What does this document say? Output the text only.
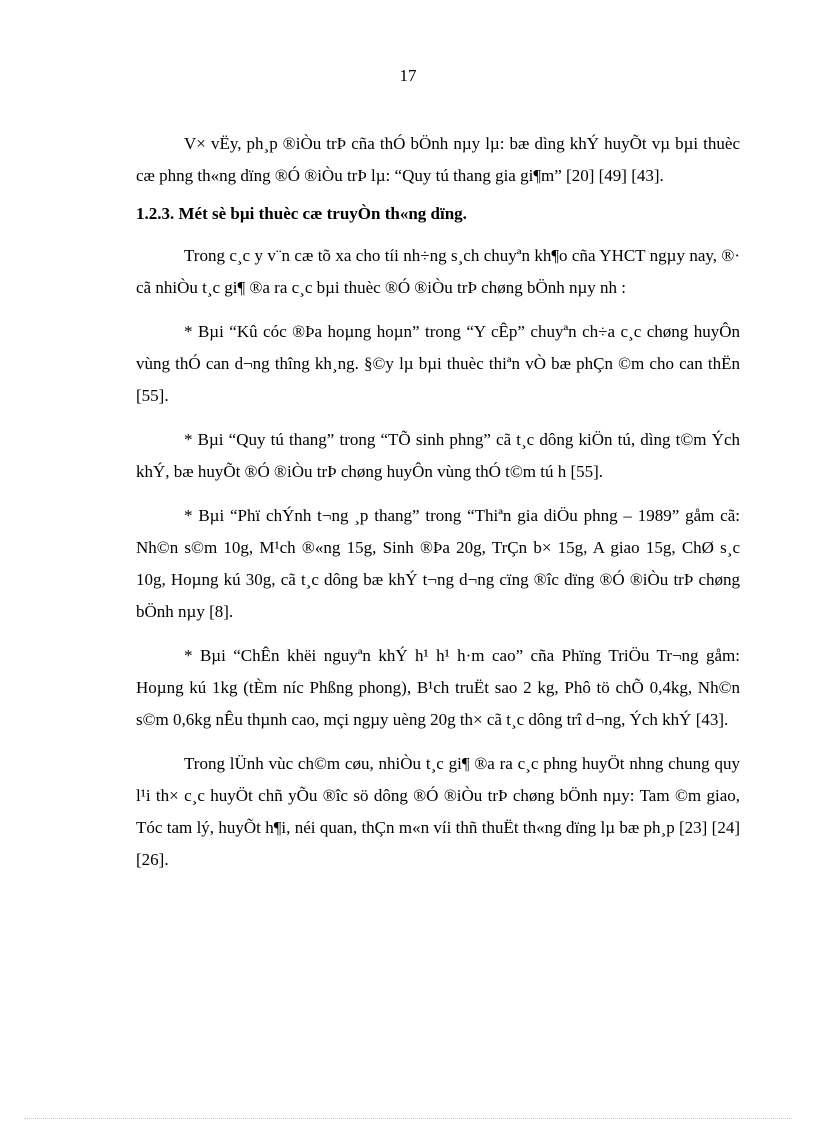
17

V× vËy, ph¸p ®iÒu trÞ cña thÓ bÖnh nµy lµ: bæ dìng khÝ huyÕt vµ bµi thuèc cæ phng th«ng dïng ®Ó ®iÒu trÞ lµ: “Quy tú thang gia gi¶m” [20] [49] [43].

1.2.3. Mét sè bµi thuèc cæ truyÒn th«ng dïng.

Trong c¸c y v¨n cæ tõ xa cho tíi nh÷ng s¸ch chuyªn kh¶o cña YHCT ngµy nay, ®· cã nhiÒu t¸c gi¶ ®a ra c¸c bµi thuèc ®Ó ®iÒu trÞ chøng bÖnh nµy nh :

* Bµi “Kû cóc ®Þa hoµng hoµn” trong “Y cÊp” chuyªn ch÷a c¸c chøng huyÔn vùng thÓ can d¬ng thîng kh¸ng. §©y lµ bµi thuèc thiªn vÒ bæ phÇn ©m cho can thËn [55].

* Bµi “Quy tú thang” trong “TÕ sinh phng” cã t¸c dông kiÖn tú, dìng t©m Ých khÝ, bæ huyÕt ®Ó ®iÒu trÞ chøng huyÔn vùng thÓ t©m tú h [55].

* Bµi “Phï chÝnh t¬ng ¸p thang” trong “Thiªn gia diÖu phng – 1989” gåm cã: Nh©n s©m 10g, M¹ch ®«ng 15g, Sinh ®Þa 20g, TrÇn b× 15g, A giao 15g, ChØ s¸c 10g, Hoµng kú 30g, cã t¸c dông bæ khÝ t¬ng d¬ng cïng ®îc dïng ®Ó ®iÒu trÞ chøng bÖnh nµy [8].

* Bµi “ChÊn khëi nguyªn khÝ h¹ h¹ h·m cao” cña Phïng TriÖu Tr¬ng gåm: Hoµng kú 1kg (tÈm níc Phßng phong), B¹ch truËt sao 2 kg, Phô tö chÕ 0,4kg, Nh©n s©m 0,6kg nÊu thµnh cao, mçi ngµy uèng 20g th× cã t¸c dông trî d¬ng, Ých khÝ [43].

Trong lÜnh vùc ch©m cøu, nhiÒu t¸c gi¶ ®a ra c¸c phng huyÖt nhng chung quy l¹i th× c¸c huyÖt chñ yÕu ®îc sö dông ®Ó ®iÒu trÞ chøng bÖnh nµy: Tam ©m giao, Tóc tam lý, huyÕt h¶i, néi quan, thÇn m«n víi thñ thuËt th«ng dïng lµ bæ ph¸p [23] [24] [26].
